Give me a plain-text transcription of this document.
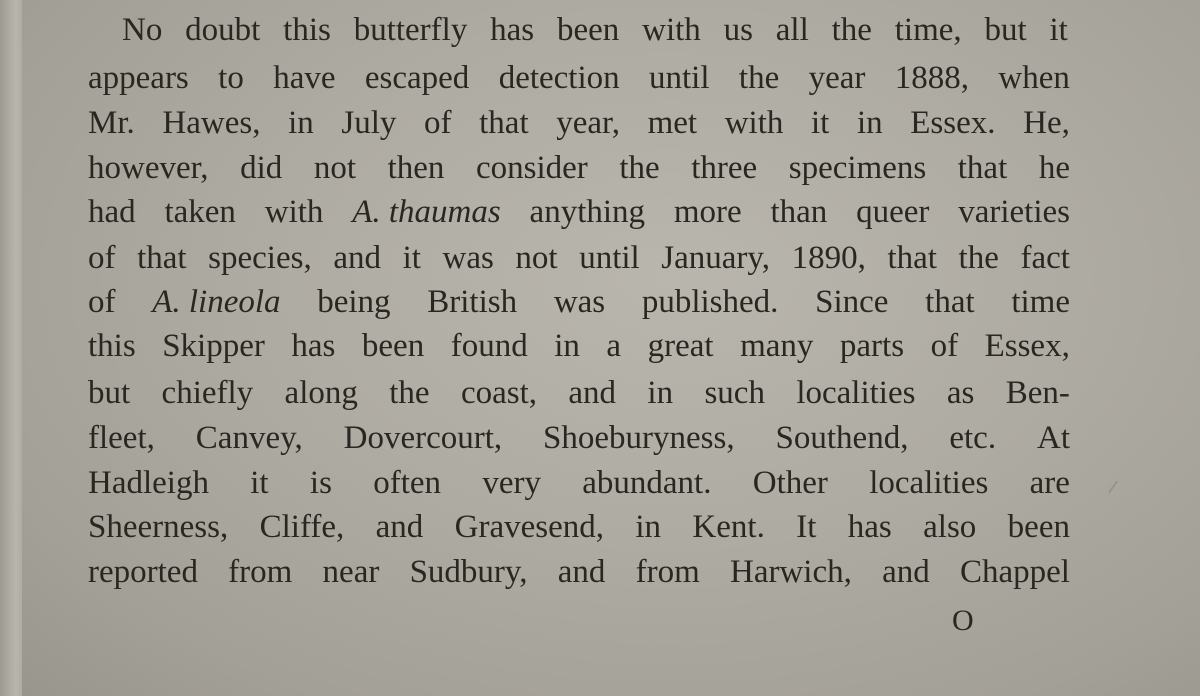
No doubt this butterfly has been with us all the time, but it
appears to have escaped detection until the year 1888, when
Mr. Hawes, in July of that year, met with it in Essex. He,
however, did not then consider the three specimens that he
had taken with A. thaumas anything more than queer varieties
of that species, and it was not until January, 1890, that the fact
of A. lineola being British was published. Since that time
this Skipper has been found in a great many parts of Essex,
but chiefly along the coast, and in such localities as Ben-
fleet, Canvey, Dovercourt, Shoeburyness, Southend, etc. At
Hadleigh it is often very abundant. Other localities are
Sheerness, Cliffe, and Gravesend, in Kent. It has also been
reported from near Sudbury, and from Harwich, and Chappel
O
